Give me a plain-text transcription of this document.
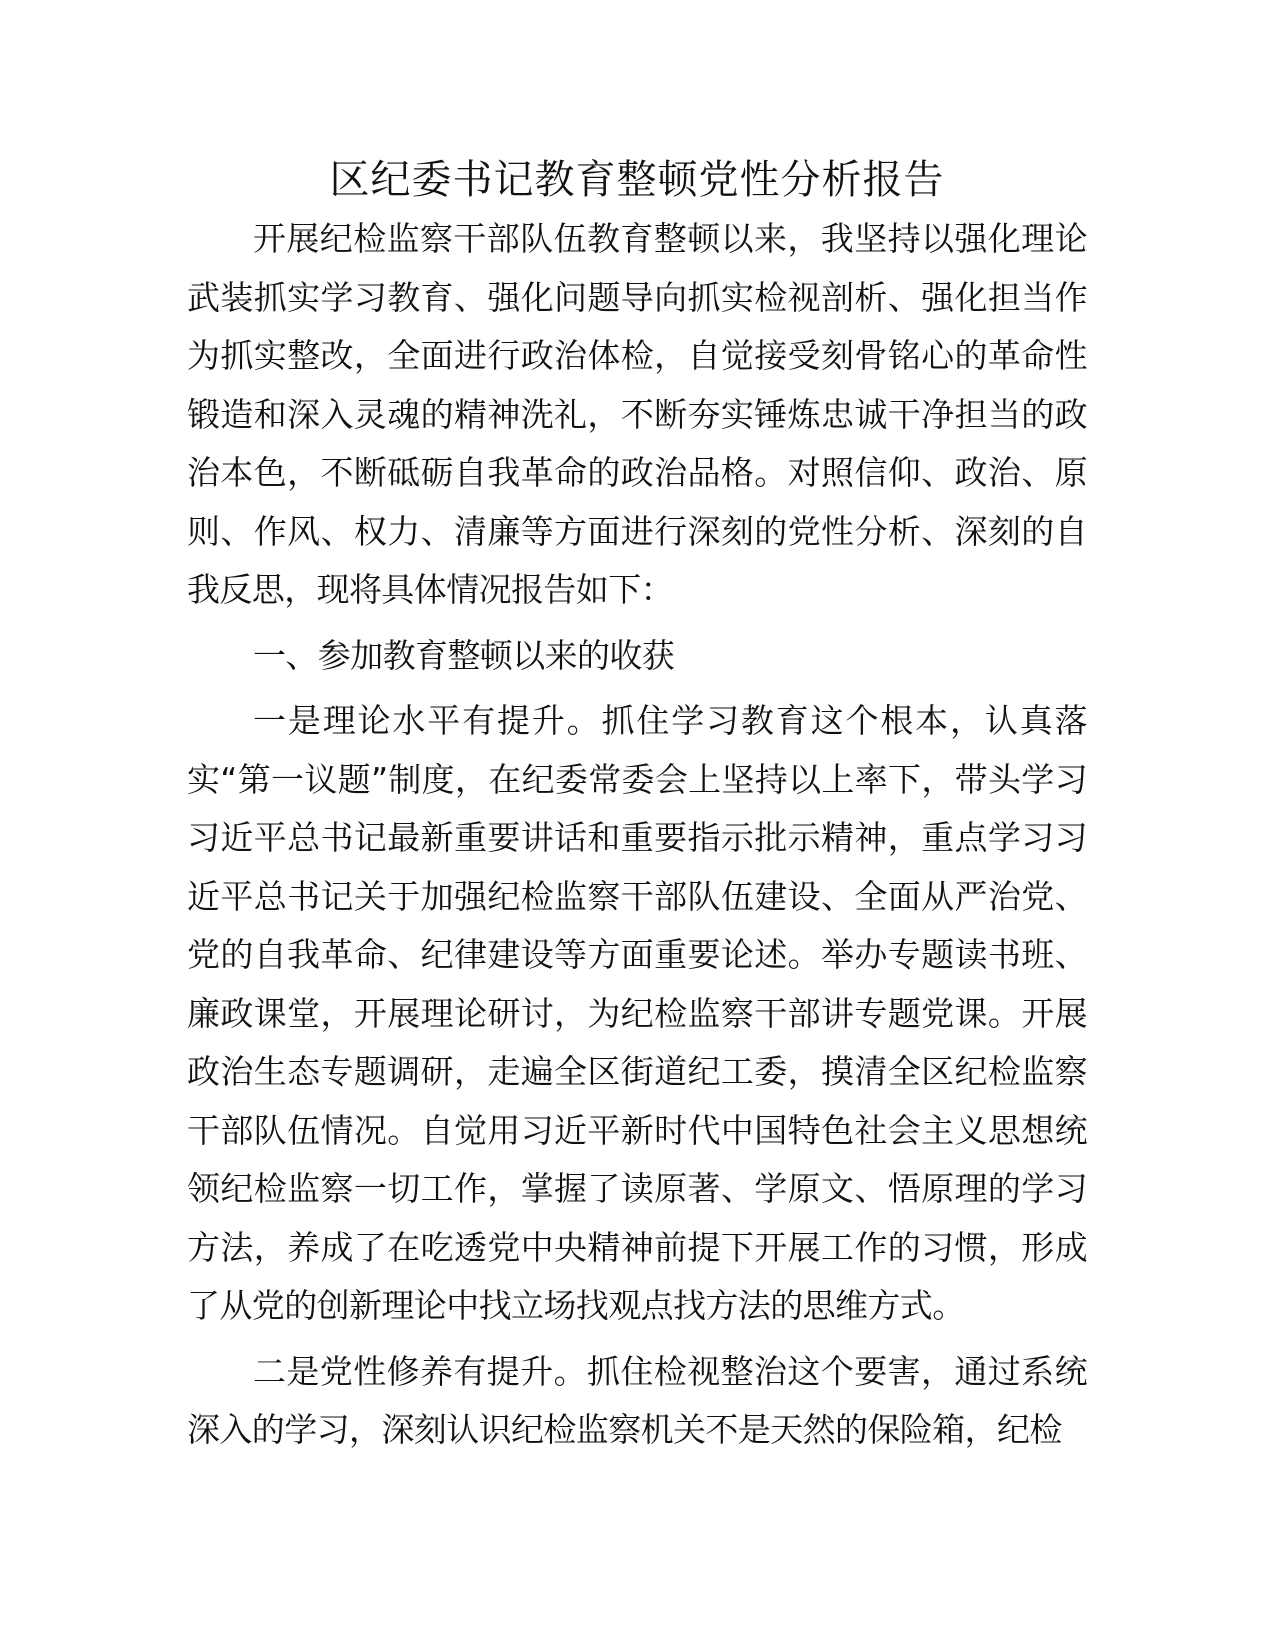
区纪委书记教育整顿党性分析报告

开展纪检监察干部队伍教育整顿以来，我坚持以强化理论武装抓实学习教育、强化问题导向抓实检视剖析、强化担当作为抓实整改，全面进行政治体检，自觉接受刻骨铭心的革命性锻造和深入灵魂的精神洗礼，不断夯实锤炼忠诚干净担当的政治本色，不断砥砺自我革命的政治品格。对照信仰、政治、原则、作风、权力、清廉等方面进行深刻的党性分析、深刻的自我反思，现将具体情况报告如下：

一、参加教育整顿以来的收获

一是理论水平有提升。抓住学习教育这个根本，认真落实“第一议题”制度，在纪委常委会上坚持以上率下，带头学习习近平总书记最新重要讲话和重要指示批示精神，重点学习习近平总书记关于加强纪检监察干部队伍建设、全面从严治党、党的自我革命、纪律建设等方面重要论述。举办专题读书班、廉政课堂，开展理论研讨，为纪检监察干部讲专题党课。开展政治生态专题调研，走遍全区街道纪工委，摸清全区纪检监察干部队伍情况。自觉用习近平新时代中国特色社会主义思想统领纪检监察一切工作，掌握了读原著、学原文、悟原理的学习方法，养成了在吃透党中央精神前提下开展工作的习惯，形成了从党的创新理论中找立场找观点找方法的思维方式。

二是党性修养有提升。抓住检视整治这个要害，通过系统深入的学习，深刻认识纪检监察机关不是天然的保险箱，纪检
